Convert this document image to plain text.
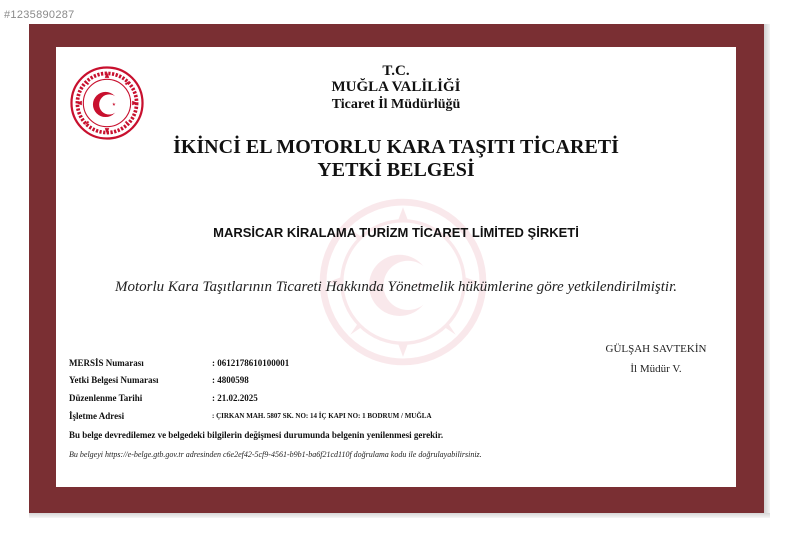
#1235890287
T.C.
MUĞLA VALİLİĞİ
Ticaret İl Müdürlüğü
İKİNCİ EL MOTORLU KARA TAŞITI TİCARETİ
YETKİ BELGESİ
MARSİCAR KİRALAMA TURİZM TİCARET LİMİTED ŞİRKETİ
Motorlu Kara Taşıtlarının Ticareti Hakkında Yönetmelik hükümlerine göre yetkilendirilmiştir.
GÜLŞAH SAVTEKİN
İl Müdür V.
MERSİS Numarası	: 0612178610100001
Yetki Belgesi Numarası	: 4800598
Düzenlenme Tarihi	: 21.02.2025
İşletme Adresi	: ÇIRKAN MAH. 5807 SK. NO: 14 İÇ KAPI NO: 1 BODRUM / MUĞLA
Bu belge devredilemez ve belgedeki bilgilerin değişmesi durumunda belgenin yenilenmesi gerekir.
Bu belgeyi https://e-belge.gtb.gov.tr adresinden c6e2ef42-5cf9-4561-b9b1-ba6f21cd110f doğrulama kodu ile doğrulayabilirsiniz.
